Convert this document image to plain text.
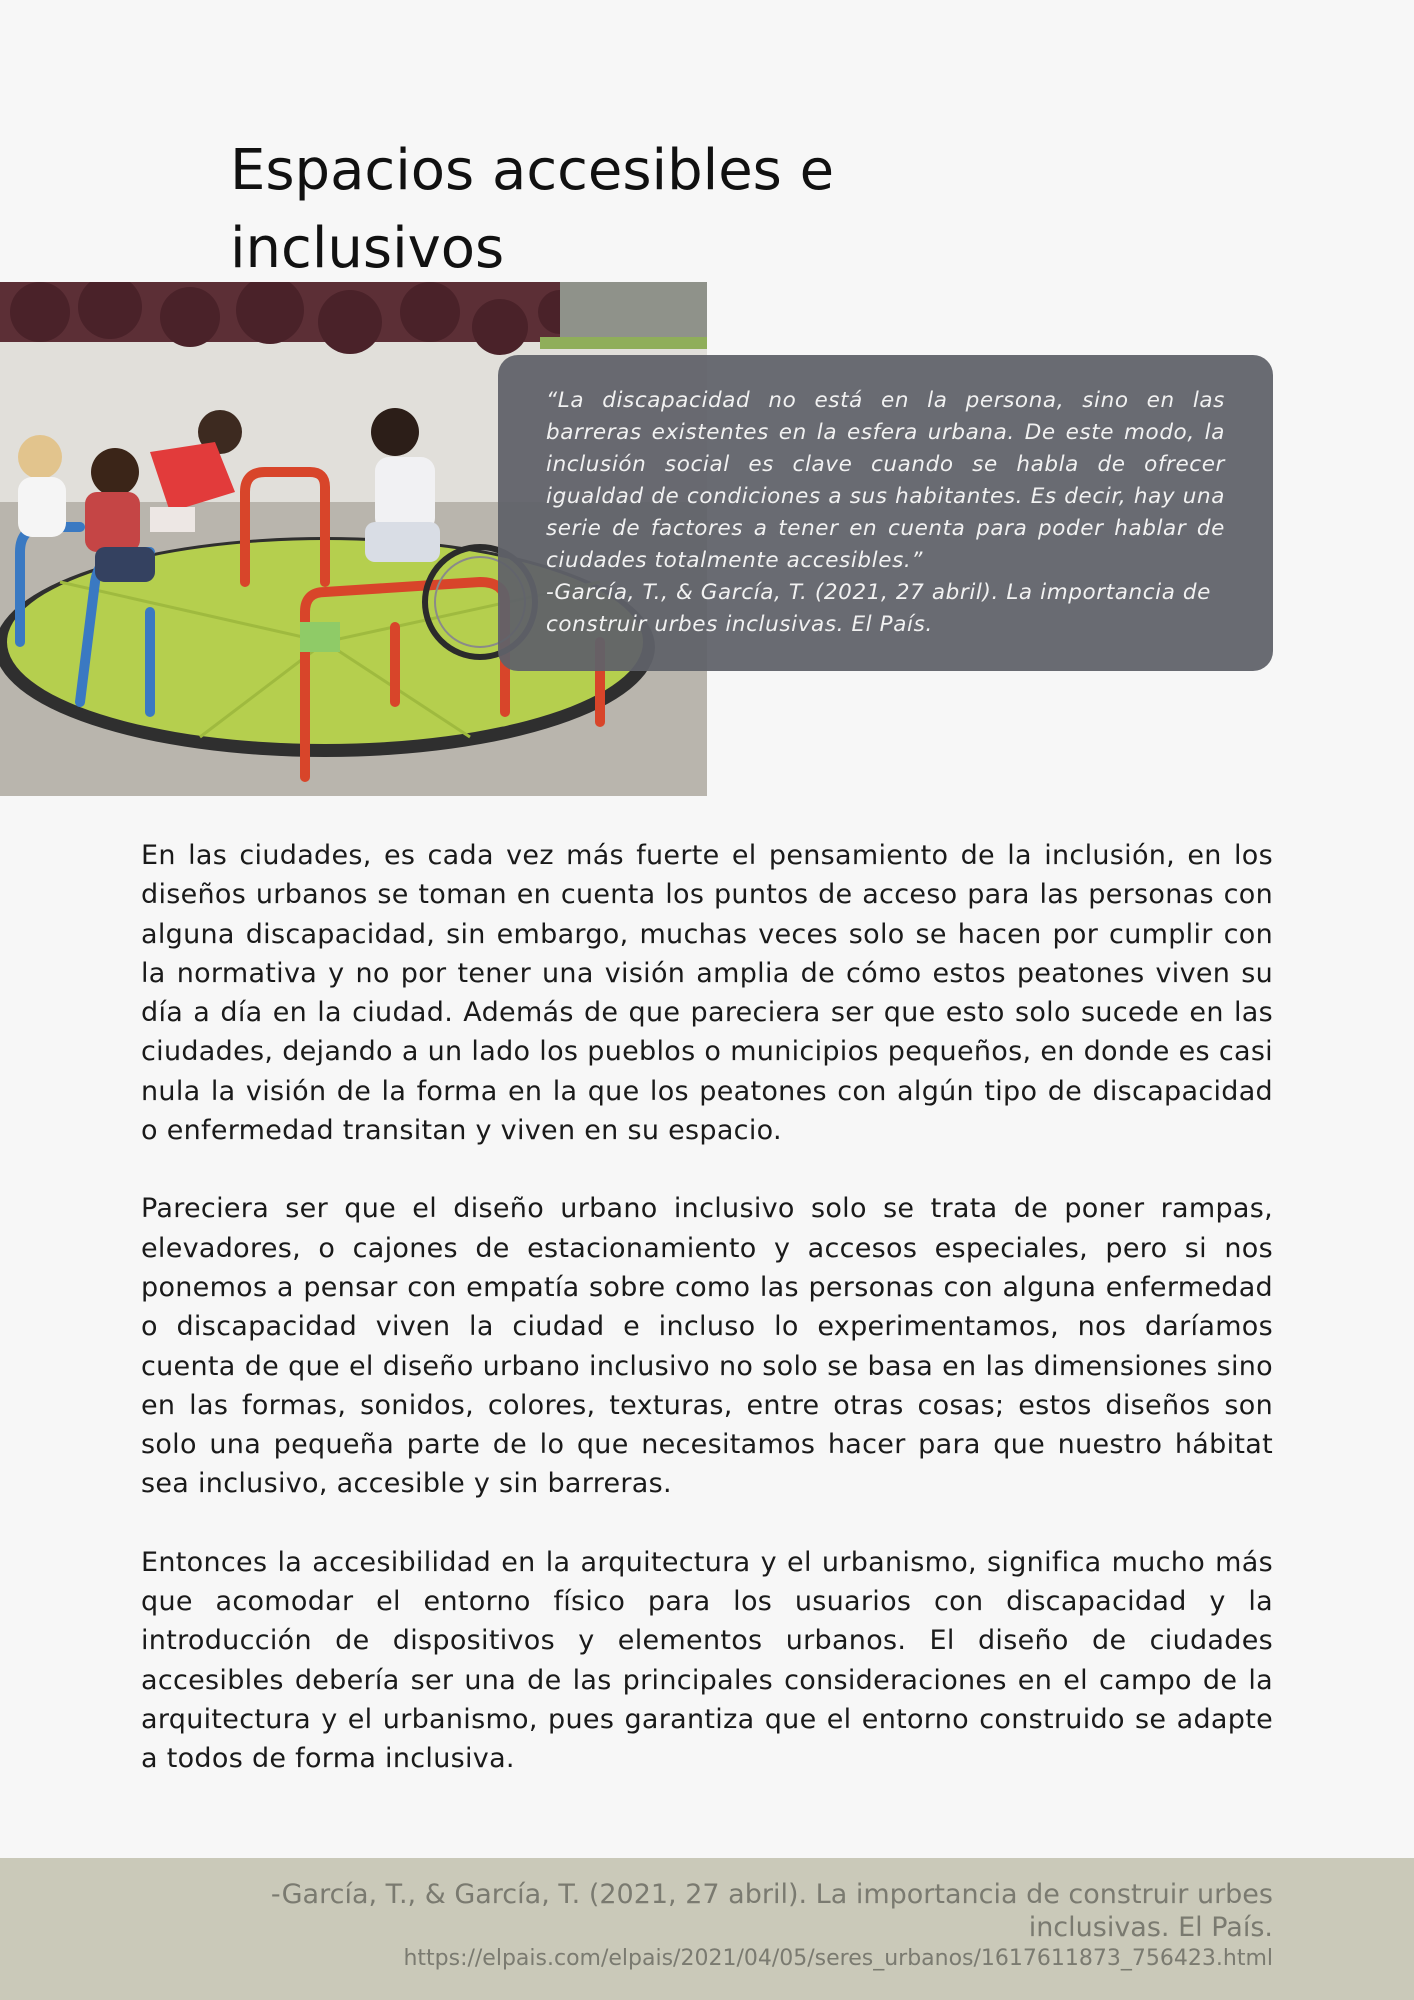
Espacios accesibles e inclusivos

“La discapacidad no está en la persona, sino en las barreras existentes en la esfera urbana. De este modo, la inclusión social es clave cuando se habla de ofrecer igualdad de condiciones a sus habitantes. Es decir, hay una serie de factores a tener en cuenta para poder hablar de ciudades totalmente accesibles.”

-García, T., & García, T. (2021, 27 abril). La importancia de construir urbes inclusivas. El País.

En las ciudades, es cada vez más fuerte el pensamiento de la inclusión, en los diseños urbanos se toman en cuenta los puntos de acceso para las personas con alguna discapacidad, sin embargo, muchas veces solo se hacen por cumplir con la normativa y no por tener una visión amplia de cómo estos peatones viven su día a día en la ciudad. Además de que pareciera ser que esto solo sucede en las ciudades, dejando a un lado los pueblos o municipios pequeños, en donde es casi nula la visión de la forma en la que los peatones con algún tipo de discapacidad o enfermedad transitan y viven en su espacio.

Pareciera ser que el diseño urbano inclusivo solo se trata de poner rampas, elevadores, o cajones de estacionamiento y accesos especiales, pero si nos ponemos a pensar con empatía sobre como las personas con alguna enfermedad o discapacidad viven la ciudad e incluso lo experimentamos, nos daríamos cuenta de que el diseño urbano inclusivo no solo se basa en las dimensiones sino en las formas, sonidos, colores, texturas, entre otras cosas; estos diseños son solo una pequeña parte de lo que necesitamos hacer para que nuestro hábitat sea inclusivo, accesible y sin barreras.

Entonces la accesibilidad en la arquitectura y el urbanismo, significa mucho más que acomodar el entorno físico para los usuarios con discapacidad y la introducción de dispositivos y elementos urbanos. El diseño de ciudades accesibles debería ser una de las principales consideraciones en el campo de la arquitectura y el urbanismo, pues garantiza que el entorno construido se adapte a todos de forma inclusiva.

-García, T., & García, T. (2021, 27 abril). La importancia de construir urbes inclusivas. El País.

https://elpais.com/elpais/2021/04/05/seres_urbanos/1617611873_756423.html
